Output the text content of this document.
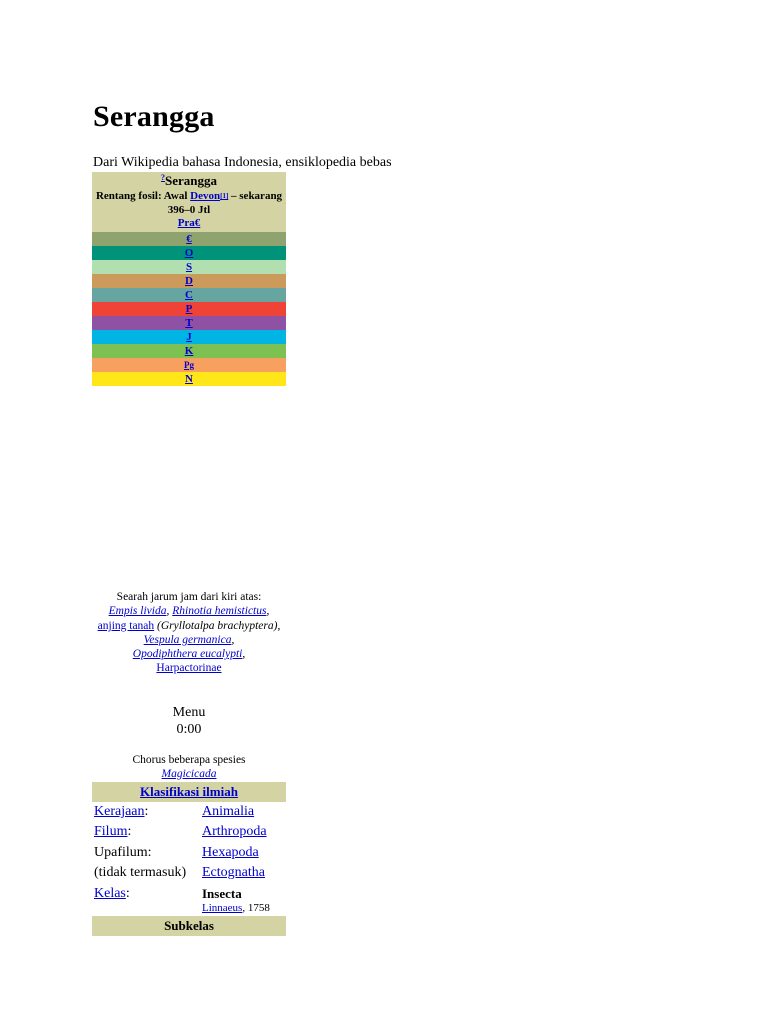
Serangga
Dari Wikipedia bahasa Indonesia, ensiklopedia bebas
?Serangga
Rentang fosil: Awal Devon[1] – sekarang 396–0 Jtl
Pra€
€
O
S
D
C
P
T
J
K
Pg
N
Searah jarum jam dari kiri atas:
Empis livida, Rhinotia hemistictus,
anjing tanah (Gryllotalpa brachyptera), Vespula germanica,
Opodiphthera eucalypti,
Harpactorinae
Menu
0:00
Chorus beberapa spesies
Magicicada
Klasifikasi ilmiah
Kerajaan:	Animalia
Filum:	Arthropoda
Upafilum:	Hexapoda
(tidak termasuk)	Ectognatha
Kelas:	Insecta
Linnaeus, 1758
Subkelas
